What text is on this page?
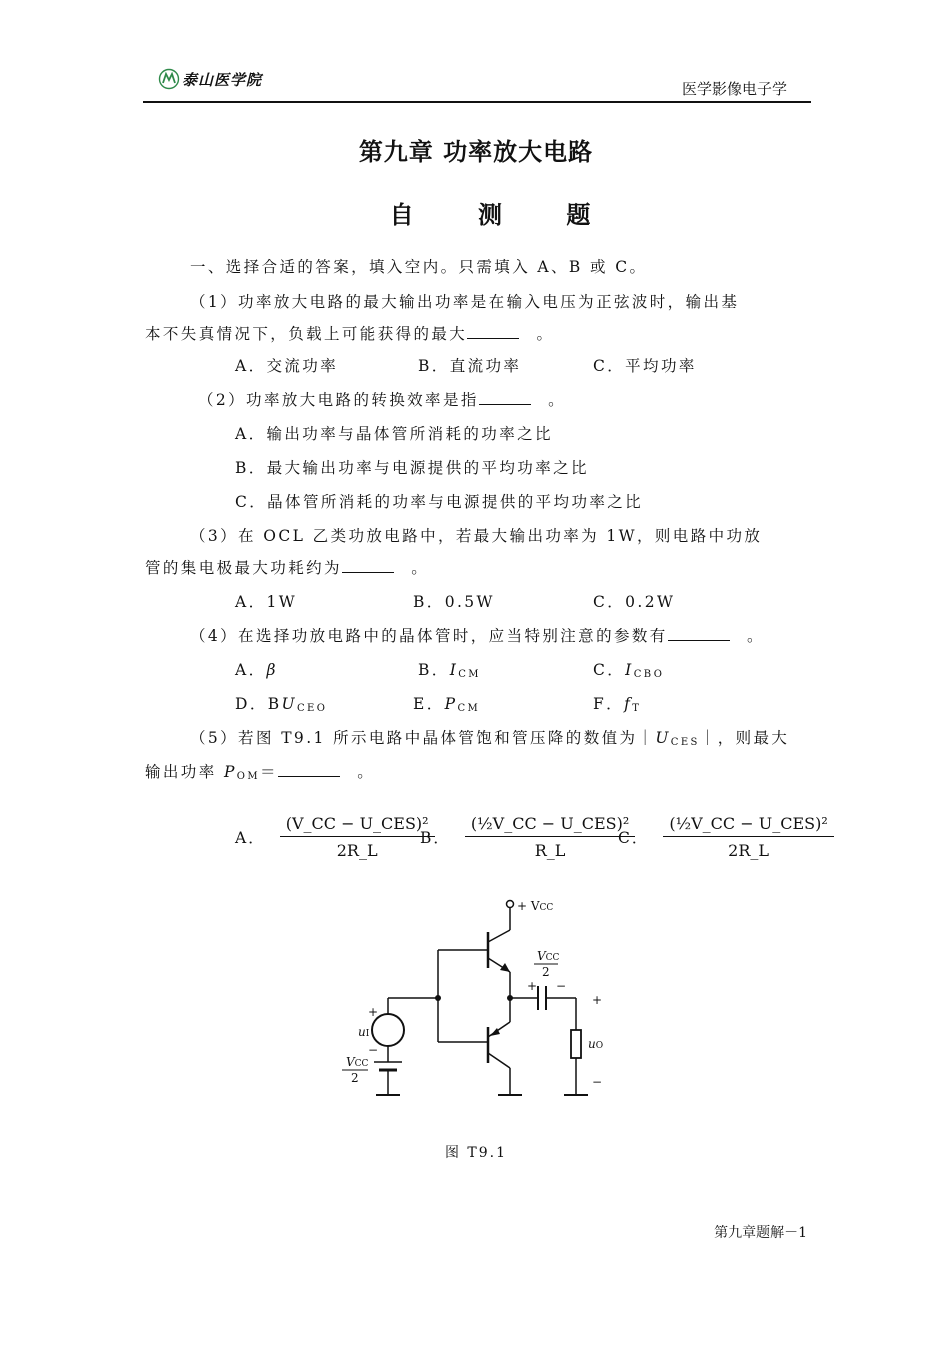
泰山医学院
医学影像电子学
第九章 功率放大电路
自 测 题
一、选择合适的答案，填入空内。只需填入 A、B 或 C。
（1）功率放大电路的最大输出功率是在输入电压为正弦波时，输出基
本不失真情况下，负载上可能获得的最大	。
A．交流功率	B．直流功率	C．平均功率
（2）功率放大电路的转换效率是指	。
A．输出功率与晶体管所消耗的功率之比
B．最大输出功率与电源提供的平均功率之比
C．晶体管所消耗的功率与电源提供的平均功率之比
（3）在 OCL 乙类功放电路中，若最大输出功率为 1W，则电路中功放
管的集电极最大功耗约为	。
A．1W	B．0.5W	C．0.2W
（4）在选择功放电路中的晶体管时，应当特别注意的参数有	。
A．β	B．$I_{CM}$	C．$I_{CBO}$
D．$BU_{CEO}$	E．$P_{CM}$	F．$f_T$
（5）若图 T9.1 所示电路中晶体管饱和管压降的数值为$|U_{CES}|$，则最大
输出功率 $P_{OM}=$	。
A． $\frac{\text{(V\_CC − U\_CES)²}}{2R\_L}$
B． $\frac{\text{(½V\_CC − U\_CES)²}}{R\_L}$
C． $\frac{\text{(½V\_CC − U\_CES)²}}{2R\_L}$
+ VCC
VCC
2
+ −
+
−
uO
+
−
uI
VCC
2
图 T9.1
第九章题解－1
